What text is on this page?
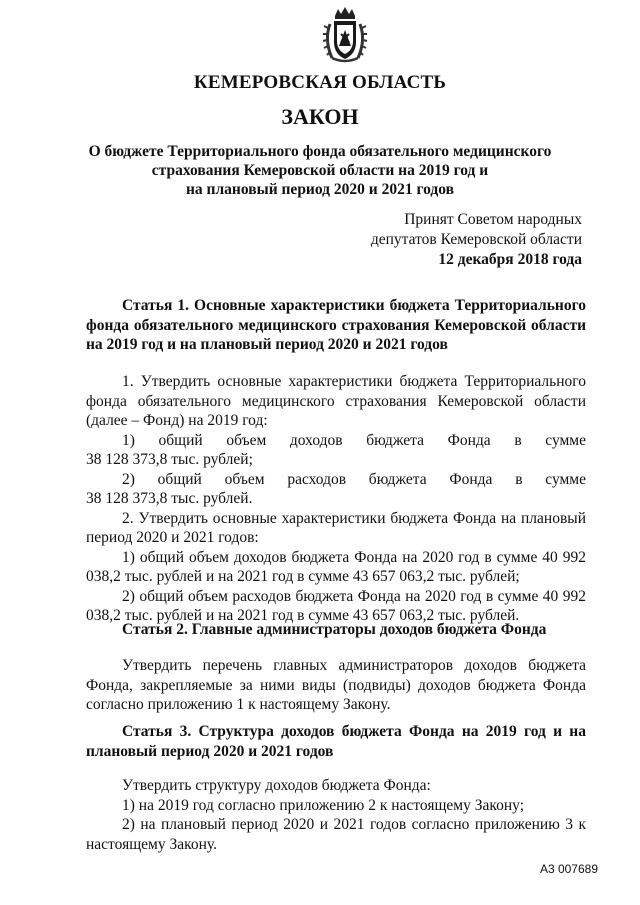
КЕМЕРОВСКАЯ ОБЛАСТЬ
ЗАКОН
О бюджете Территориального фонда обязательного медицинского
страхования Кемеровской области на 2019 год и
на плановый период 2020 и 2021 годов
Принят Советом народных
депутатов Кемеровской области
12 декабря 2018 года
Статья 1. Основные характеристики бюджета Территориального фонда обязательного медицинского страхования Кемеровской области на 2019 год и на плановый период 2020 и 2021 годов
1. Утвердить основные характеристики бюджета Территориального фонда обязательного медицинского страхования Кемеровской области (далее – Фонд) на 2019 год:
1)   общий   объем   доходов   бюджета   Фонда   в   сумме
38 128 373,8 тыс. рублей;
2)   общий   объем   расходов   бюджета   Фонда   в   сумме
38 128 373,8 тыс. рублей.
2. Утвердить основные характеристики бюджета Фонда на плановый период 2020 и 2021 годов:
1) общий объем доходов бюджета Фонда на 2020 год в сумме 40 992 038,2 тыс. рублей и на 2021 год в сумме 43 657 063,2 тыс. рублей;
2) общий объем расходов бюджета Фонда на 2020 год в сумме 40 992 038,2 тыс. рублей и на 2021 год в сумме 43 657 063,2 тыс. рублей.
Статья 2. Главные администраторы доходов бюджета Фонда
Утвердить перечень главных администраторов доходов бюджета Фонда, закрепляемые за ними виды (подвиды) доходов бюджета Фонда согласно приложению 1 к настоящему Закону.
Статья 3. Структура доходов бюджета Фонда на 2019 год и на плановый период 2020 и 2021 годов
Утвердить структуру доходов бюджета Фонда:
1) на 2019 год согласно приложению 2 к настоящему Закону;
2) на плановый период 2020 и 2021 годов согласно приложению 3 к настоящему Закону.
А3 007689
